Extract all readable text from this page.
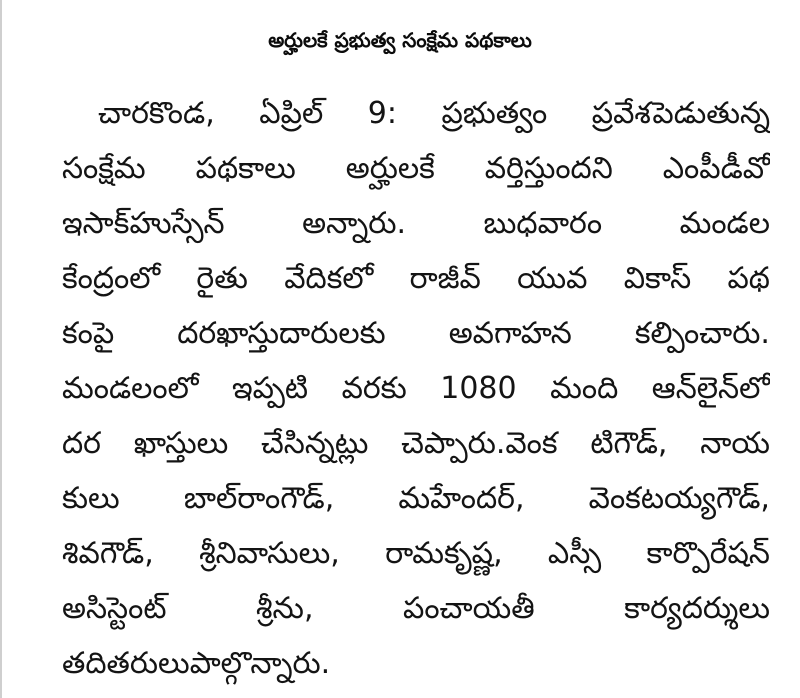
అర్హులకే ప్రభుత్వ సంక్షేమ పథకాలు
చారకొండ, ఏప్రిల్ 9: ప్రభుత్వం ప్రవేశపెడుతున్న
సంక్షేమ పథకాలు అర్హులకే వర్తిస్తుందని ఎంపీడీవో
ఇసాక్‌హుస్సేన్	అన్నారు.	బుధవారం	మండల
కేంద్రంలో రైతు వేదికలో రాజీవ్ యువ వికాస్ పథ
కంపై దరఖాస్తుదారులకు అవగాహన కల్పించారు.
మండలంలో ఇప్పటి వరకు 1080 మంది ఆన్‌లైన్‌లో
దర ఖాస్తులు చేసిన్నట్లు చెప్పారు.వెంక టిగౌడ్, నాయ
కులు బాల్‌రాంగౌడ్, మహేందర్, వెంకటయ్యగౌడ్,
శివగౌడ్, శ్రీనివాసులు, రామకృష్ణ, ఎస్సీ కార్పొరేషన్
అసిస్టెంట్	శ్రీను,	పంచాయతీ	కార్యదర్శులు
తదితరులు పాల్గొన్నారు.
